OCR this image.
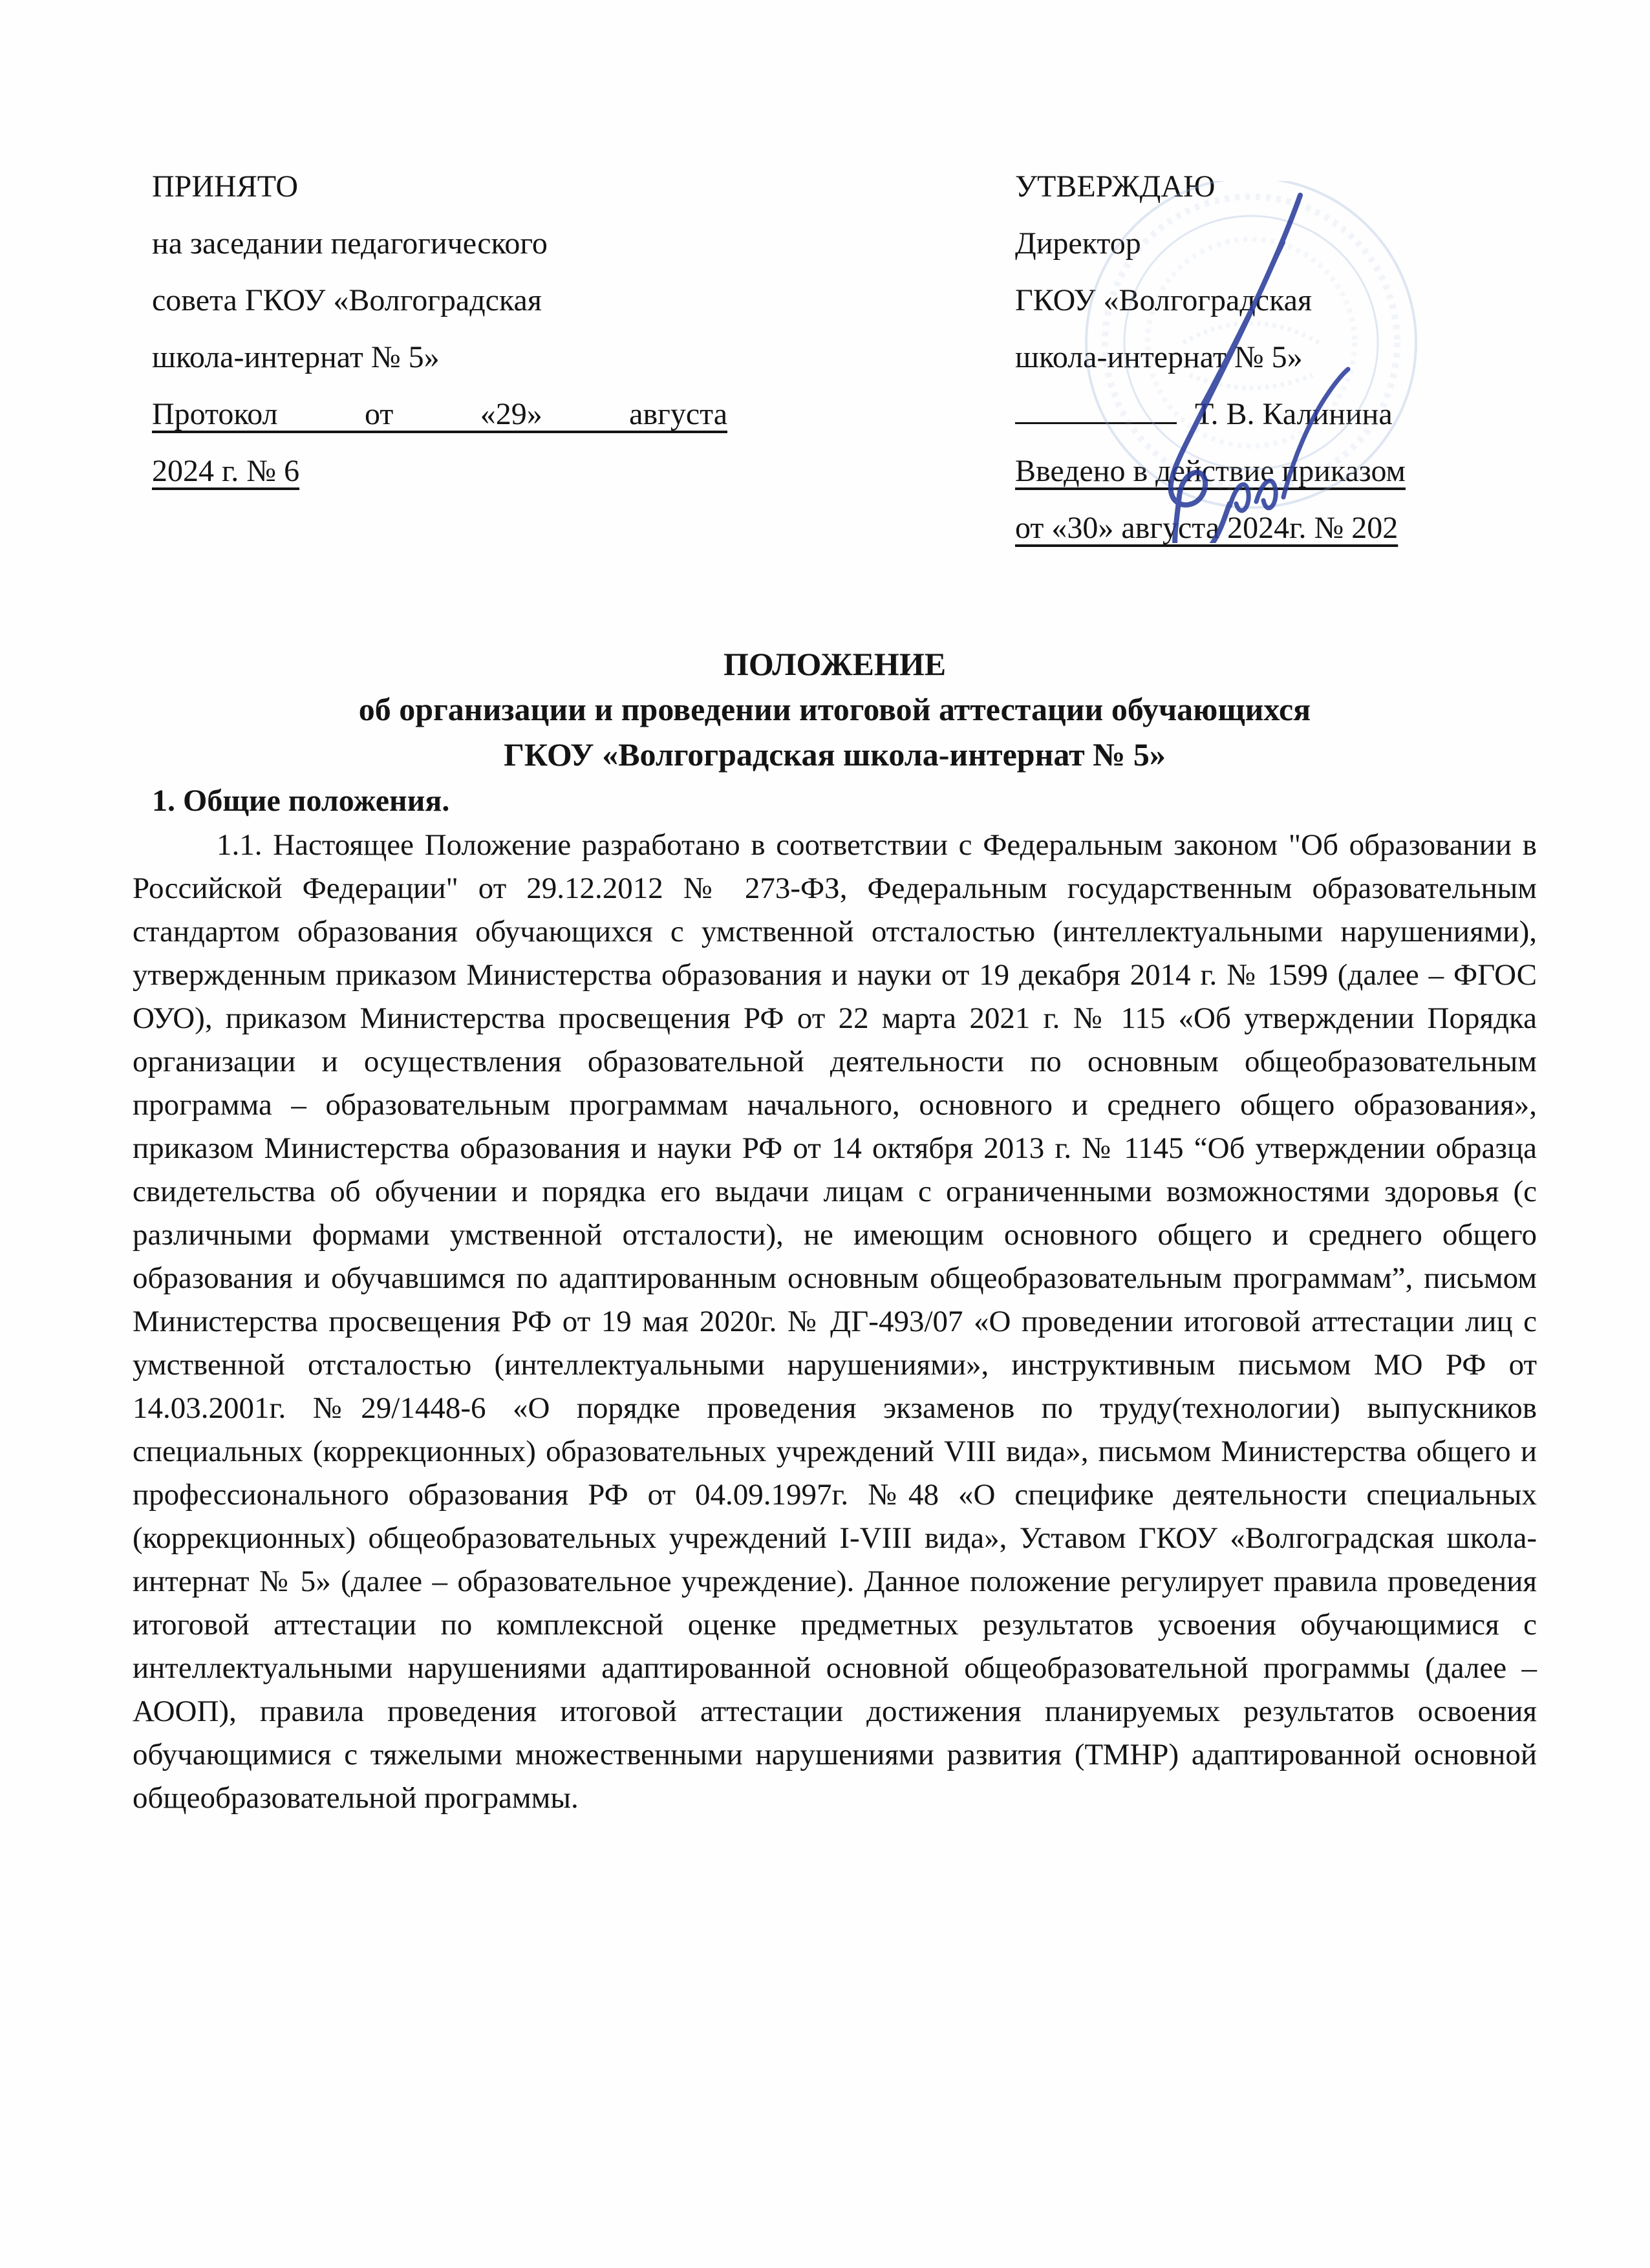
ПРИНЯТО
на заседании педагогического
совета ГКОУ «Волгоградская
школа-интернат № 5»
Протокол от «29» августа
2024 г. № 6
УТВЕРЖДАЮ
Директор
ГКОУ «Волгоградская
школа-интернат № 5»
Т. В. Калинина
Введено в действие приказом
от «30» августа 2024г. № 202
ПОЛОЖЕНИЕ
об организации и проведении итоговой аттестации обучающихся
ГКОУ «Волгоградская школа-интернат № 5»
1. Общие положения.

1.1. Настоящее Положение разработано в соответствии с Федеральным законом "Об образовании в Российской Федерации" от 29.12.2012 № 273-ФЗ, Федеральным государственным образовательным стандартом образования обучающихся с умственной отсталостью (интеллектуальными нарушениями), утвержденным приказом Министерства образования и науки от 19 декабря 2014 г. № 1599 (далее – ФГОС ОУО), приказом Министерства просвещения РФ от 22 марта 2021 г. № 115 «Об утверждении Порядка организации и осуществления образовательной деятельности по основным общеобразовательным программа – образовательным программам начального, основного и среднего общего образования», приказом Министерства образования и науки РФ от 14 октября 2013 г. № 1145 “Об утверждении образца свидетельства об обучении и порядка его выдачи лицам с ограниченными возможностями здоровья (с различными формами умственной отсталости), не имеющим основного общего и среднего общего образования и обучавшимся по адаптированным основным общеобразовательным программам”, письмом Министерства просвещения РФ от 19 мая 2020г. № ДГ-493/07 «О проведении итоговой аттестации лиц с умственной отсталостью (интеллектуальными нарушениями», инструктивным письмом МО РФ от 14.03.2001г. №29/1448-6 «О порядке проведения экзаменов по труду(технологии) выпускников специальных (коррекционных) образовательных учреждений VIII вида», письмом Министерства общего и профессионального образования РФ от 04.09.1997г. №48 «О специфике деятельности специальных (коррекционных) общеобразовательных учреждений I-VIII вида», Уставом ГКОУ «Волгоградская школа-интернат № 5» (далее – образовательное учреждение). Данное положение регулирует правила проведения итоговой аттестации по комплексной оценке предметных результатов усвоения обучающимися с интеллектуальными нарушениями адаптированной основной общеобразовательной программы (далее – АООП), правила проведения итоговой аттестации достижения планируемых результатов освоения обучающимися с тяжелыми множественными нарушениями развития (ТМНР) адаптированной основной общеобразовательной программы.
